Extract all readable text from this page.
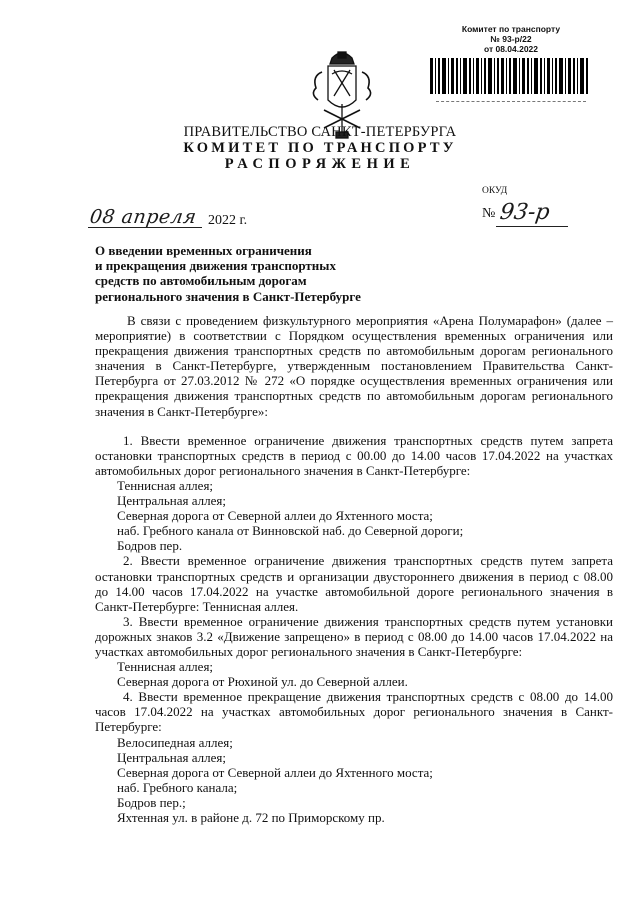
Комитет по транспорту
№ 93-р/22
от 08.04.2022
ПРАВИТЕЛЬСТВО САНКТ-ПЕТЕРБУРГА
КОМИТЕТ ПО ТРАНСПОРТУ
РАСПОРЯЖЕНИЕ
ОКУД
08 апреля 2022 г.	№ 93-р
О введении временных ограничения
и прекращения движения транспортных
средств по автомобильным дорогам
регионального значения в Санкт-Петербурге

В связи с проведением физкультурного мероприятия «Арена Полумарафон» (далее – мероприятие) в соответствии с Порядком осуществления временных ограничения или прекращения движения транспортных средств по автомобильным дорогам регионального значения в Санкт-Петербурге, утвержденным постановлением Правительства Санкт-Петербурга от 27.03.2012 № 272 «О порядке осуществления временных ограничения или прекращения движения транспортных средств по автомобильным дорогам регионального значения в Санкт-Петербурге»:

1. Ввести временное ограничение движения транспортных средств путем запрета остановки транспортных средств в период с 00.00 до 14.00 часов 17.04.2022 на участках автомобильных дорог регионального значения в Санкт-Петербурге:

Теннисная аллея;

Центральная аллея;

Северная дорога от Северной аллеи до Яхтенного моста;

наб. Гребного канала от Винновской наб. до Северной дороги;

Бодров пер.

2. Ввести временное ограничение движения транспортных средств путем запрета остановки транспортных средств и организации двустороннего движения в период с 08.00 до 14.00 часов 17.04.2022 на участке автомобильной дороге регионального значения в Санкт-Петербурге: Теннисная аллея.

3. Ввести временное ограничение движения транспортных средств путем установки дорожных знаков 3.2 «Движение запрещено» в период с 08.00 до 14.00 часов 17.04.2022 на участках автомобильных дорог регионального значения в Санкт-Петербурге:

Теннисная аллея;

Северная дорога от Рюхиной ул. до Северной аллеи.

4. Ввести временное прекращение движения транспортных средств с 08.00 до 14.00 часов 17.04.2022 на участках автомобильных дорог регионального значения в Санкт-Петербурге:

Велосипедная аллея;

Центральная аллея;

Северная дорога от Северной аллеи до Яхтенного моста;

наб. Гребного канала;

Бодров пер.;

Яхтенная ул. в районе д. 72 по Приморскому пр.
